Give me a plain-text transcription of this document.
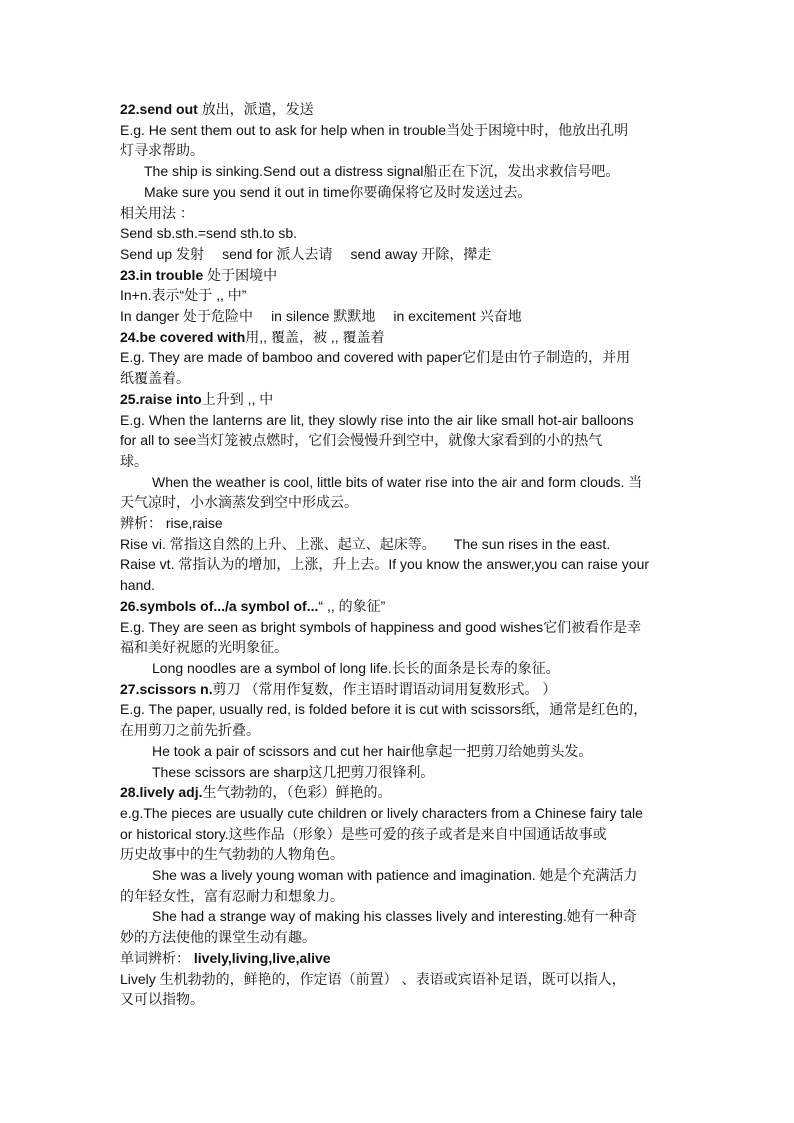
22.send out 放出，派遣，发送
E.g. He sent them out to ask for help when in trouble当处于困境中时，他放出孔明
灯寻求帮助。
The ship is sinking.Send out a distress signal船正在下沉，发出求救信号吧。
Make sure you send it out in time你要确保将它及时发送过去。
相关用法 ：
Send sb.sth.=send sth.to sb.
Send up 发射 send for 派人去请 send away 开除，撵走
23.in trouble 处于困境中
In+n.表示“处于 ,, 中”
In danger 处于危险中 in silence 默默地 in excitement 兴奋地
24.be covered with用,, 覆盖，被 ,, 覆盖着
E.g. They are made of bamboo and covered with paper它们是由竹子制造的，并用
纸覆盖着。
25.raise into上升到 ,, 中
E.g. When the lanterns are lit, they slowly rise into the air like small hot-air balloons
for all to see当灯笼被点燃时，它们会慢慢升到空中，就像大家看到的小的热气
球。
When the weather is cool, little bits of water rise into the air and form clouds. 当
天气凉时，小水滴蒸发到空中形成云。
辨析： rise,raise
Rise vi. 常指这自然的上升、上涨、起立、起床等。 The sun rises in the east.
Raise vt. 常指认为的增加，上涨，升上去。If you know the answer,you can raise your
hand.
26.symbols of.../a symbol of...“ ,, 的象征”
E.g. They are seen as bright symbols of happiness and good wishes它们被看作是幸
福和美好祝愿的光明象征。
Long noodles are a symbol of long life.长长的面条是长寿的象征。
27.scissors n.剪刀 （常用作复数，作主语时谓语动词用复数形式。 ）
E.g. The paper, usually red, is folded before it is cut with scissors纸，通常是红色的，
在用剪刀之前先折叠。
He took a pair of scissors and cut her hair他拿起一把剪刀给她剪头发。
These scissors are sharp这几把剪刀很锋利。
28.lively adj.生气勃勃的，（色彩）鲜艳的。
e.g.The pieces are usually cute children or lively characters from a Chinese fairy tale
or historical story.这些作品（形象）是些可爱的孩子或者是来自中国通话故事或
历史故事中的生气勃勃的人物角色。
She was a lively young woman with patience and imagination. 她是个充满活力
的年轻女性，富有忍耐力和想象力。
She had a strange way of making his classes lively and interesting.她有一种奇
妙的方法使他的课堂生动有趣。
单词辨析： lively,living,live,alive
Lively 生机勃勃的，鲜艳的，作定语（前置） 、表语或宾语补足语，既可以指人，
又可以指物。
